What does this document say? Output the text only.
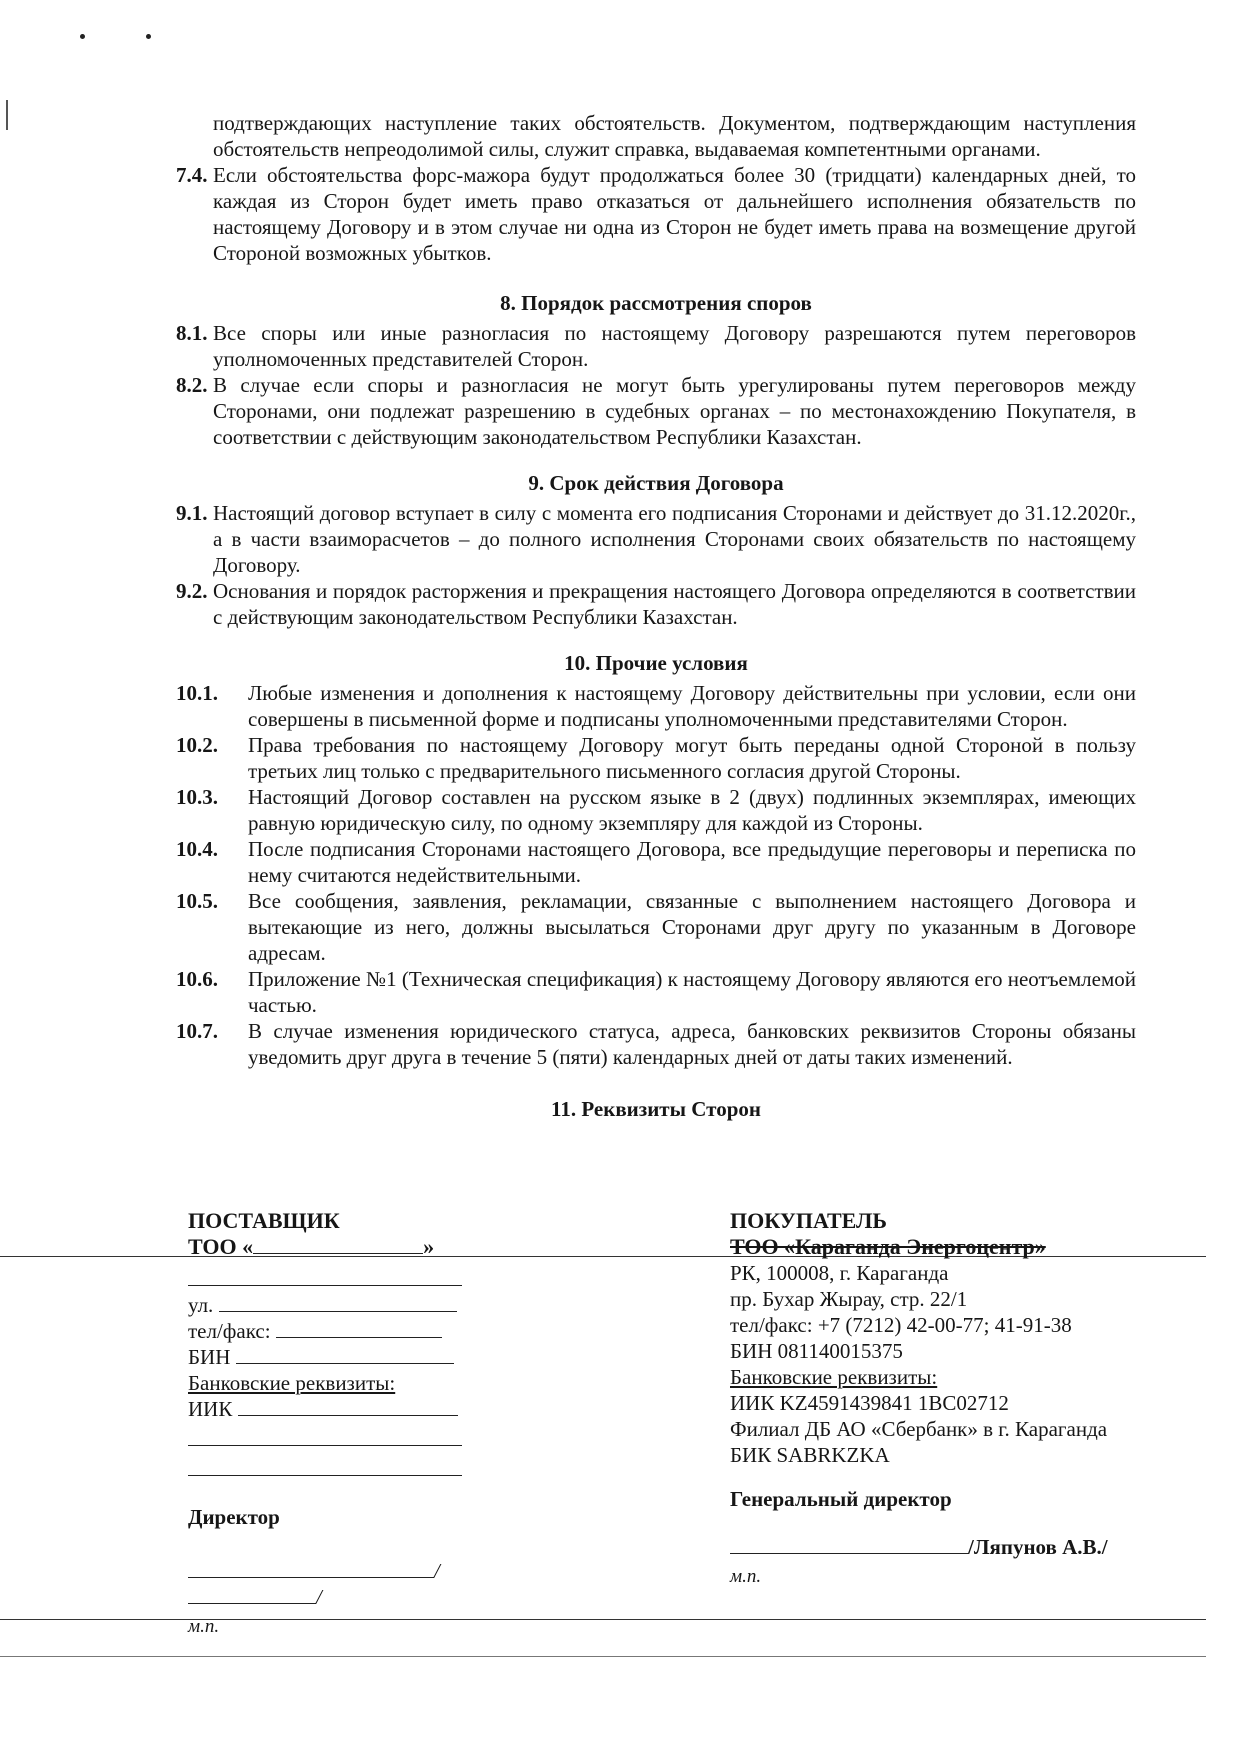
подтверждающих наступление таких обстоятельств. Документом, подтверждающим наступления обстоятельств непреодолимой силы, служит справка, выдаваемая компетентными органами.

7.4. Если обстоятельства форс-мажора будут продолжаться более 30 (тридцати) календарных дней, то каждая из Сторон будет иметь право отказаться от дальнейшего исполнения обязательств по настоящему Договору и в этом случае ни одна из Сторон не будет иметь права на возмещение другой Стороной возможных убытков.
8. Порядок рассмотрения споров
8.1. Все споры или иные разногласия по настоящему Договору разрешаются путем переговоров уполномоченных представителей Сторон.
8.2. В случае если споры и разногласия не могут быть урегулированы путем переговоров между Сторонами, они подлежат разрешению в судебных органах – по местонахождению Покупателя, в соответствии с действующим законодательством Республики Казахстан.
9. Срок действия Договора
9.1. Настоящий договор вступает в силу с момента его подписания Сторонами и действует до 31.12.2020г., а в части взаиморасчетов – до полного исполнения Сторонами своих обязательств по настоящему Договору.
9.2. Основания и порядок расторжения и прекращения настоящего Договора определяются в соответствии с действующим законодательством Республики Казахстан.
10. Прочие условия
10.1.	Любые изменения и дополнения к настоящему Договору действительны при условии, если они совершены в письменной форме и подписаны уполномоченными представителями Сторон.
10.2.	Права требования по настоящему Договору могут быть переданы одной Стороной в пользу третьих лиц только с предварительного письменного согласия другой Стороны.
10.3.	Настоящий Договор составлен на русском языке в 2 (двух) подлинных экземплярах, имеющих равную юридическую силу, по одному экземпляру для каждой из Стороны.
10.4.	После подписания Сторонами настоящего Договора, все предыдущие переговоры и переписка по нему считаются недействительными.
10.5.	Все сообщения, заявления, рекламации, связанные с выполнением настоящего Договора и вытекающие из него, должны высылаться Сторонами друг другу по указанным в Договоре адресам.
10.6.	Приложение №1 (Техническая спецификация) к настоящему Договору являются его неотъемлемой частью.
10.7.	В случае изменения юридического статуса, адреса, банковских реквизитов Стороны обязаны уведомить друг друга в течение 5 (пяти) календарных дней от даты таких изменений.
11. Реквизиты Сторон
ПОСТАВЩИК
ТОО «	»
ул.
тел/факс:
БИН
Банковские реквизиты:
ИИК
Директор
//
м.п.
ПОКУПАТЕЛЬ
ТОО «Караганда Энергоцентр»
РК, 100008, г. Караганда
пр. Бухар Жырау, стр. 22/1
тел/факс: +7 (7212) 42-00-77; 41-91-38
БИН 081140015375
Банковские реквизиты:
ИИК KZ4591439841 1BC02712
Филиал ДБ АО «Сбербанк» в г. Караганда
БИК SABRKZKA
Генеральный директор
/Ляпунов А.В./
м.п.
